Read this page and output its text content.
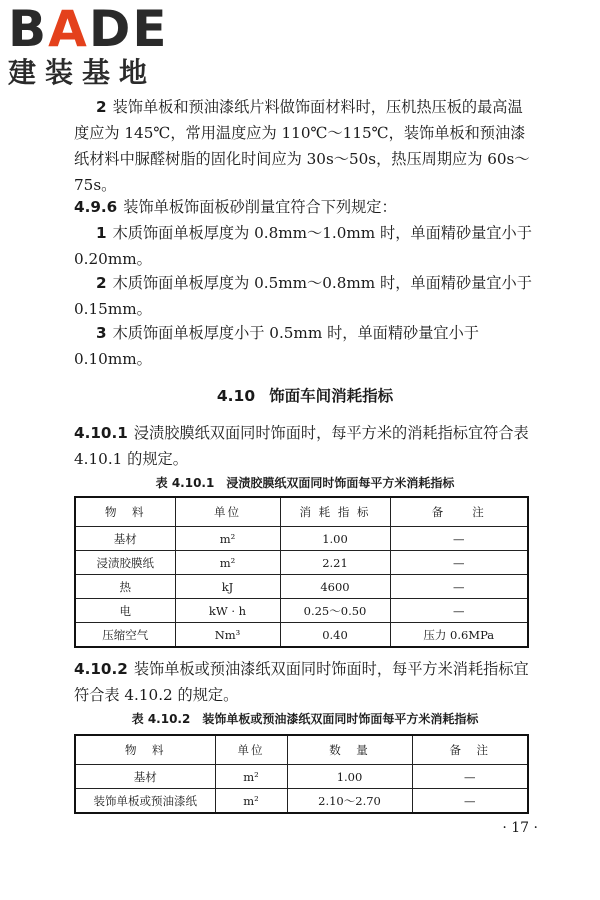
BADE
建装基地

2 装饰单板和预油漆纸片料做饰面材料时，压机热压板的最高温度应为 145℃，常用温度应为 110℃～115℃，装饰单板和预油漆纸材料中脲醛树脂的固化时间应为 30s～50s，热压周期应为 60s～75s。

4.9.6 装饰单板饰面板砂削量宜符合下列规定：

1 木质饰面单板厚度为 0.8mm～1.0mm 时，单面精砂量宜小于 0.20mm。

2 木质饰面单板厚度为 0.5mm～0.8mm 时，单面精砂量宜小于 0.15mm。

3 木质饰面单板厚度小于 0.5mm 时，单面精砂量宜小于 0.10mm。

4.10 饰面车间消耗指标

4.10.1 浸渍胶膜纸双面同时饰面时，每平方米的消耗指标宜符合表 4.10.1 的规定。

表 4.10.1　浸渍胶膜纸双面同时饰面每平方米消耗指标
物　料	单位	消 耗 指 标	备　　注
基材	m²	1.00	—
浸渍胶膜纸	m²	2.21	—
热	kJ	4600	—
电	kW · h	0.25～0.50	—
压缩空气	Nm³	0.40	压力 0.6MPa

4.10.2 装饰单板或预油漆纸双面同时饰面时，每平方米消耗指标宜符合表 4.10.2 的规定。

表 4.10.2　装饰单板或预油漆纸双面同时饰面每平方米消耗指标
物　料	单位	数　量	备　注
基材	m²	1.00	—
装饰单板或预油漆纸	m²	2.10～2.70	—
· 17 ·
